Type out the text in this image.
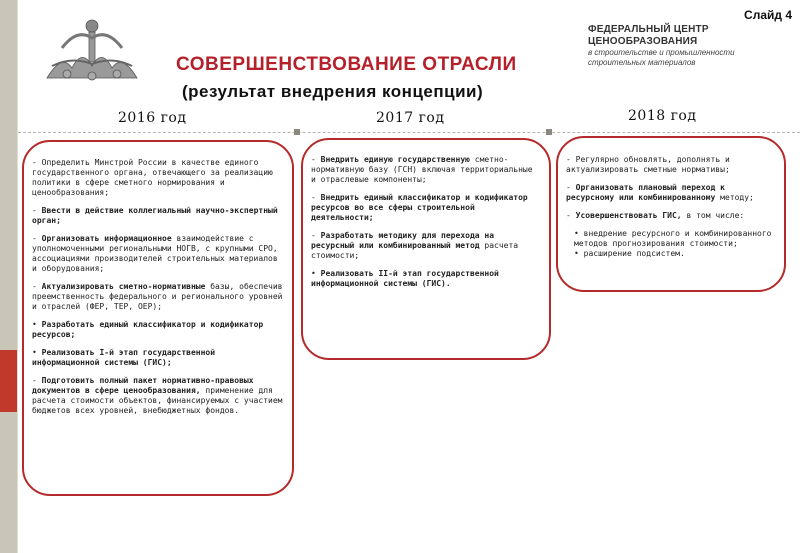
Слайд 4
ФЕДЕРАЛЬНЫЙ ЦЕНТР
ЦЕНООБРАЗОВАНИЯ
в строительстве и промышленности
строительных материалов
СОВЕРШЕНСТВОВАНИЕ ОТРАСЛИ
(результат внедрения концепции)
2016 год	2017 год	2018 год
- Определить Минстрой России в качестве единого государственного органа, отвечающего за реализацию политики в сфере сметного нормирования и ценообразования;
- Ввести в действие коллегиальный научно-экспертный орган;
- Организовать информационное взаимодействие с уполномоченными региональными НОГВ, с крупными СРО, ассоциациями производителей строительных материалов и оборудования;
- Актуализировать сметно-нормативные базы, обеспечив преемственность федерального и регионального уровней и отраслей (ФЕР, ТЕР, ОЕР);
• Разработать единый классификатор и кодификатор ресурсов;
• Реализовать I-й этап государственной информационной системы (ГИС);
- Подготовить полный пакет нормативно-правовых документов в сфере ценообразования, применение для расчета стоимости объектов, финансируемых с участием бюджетов всех уровней, внебюджетных фондов.
- Внедрить единую государственную сметно-нормативную базу (ГСН) включая территориальные и отраслевые компоненты;
- Внедрить единый классификатор и кодификатор ресурсов во все сферы строительной деятельности;
- Разработать методику для перехода на ресурсный или комбинированный метод расчета стоимости;
• Реализовать II-й этап государственной информационной системы (ГИС).
- Регулярно обновлять, дополнять и актуализировать сметные нормативы;
- Организовать плановый переход к ресурсному или комбинированному методу;
- Усовершенствовать ГИС, в том числе:
• внедрение ресурсного и комбинированного методов прогнозирования стоимости;
• расширение подсистем.
